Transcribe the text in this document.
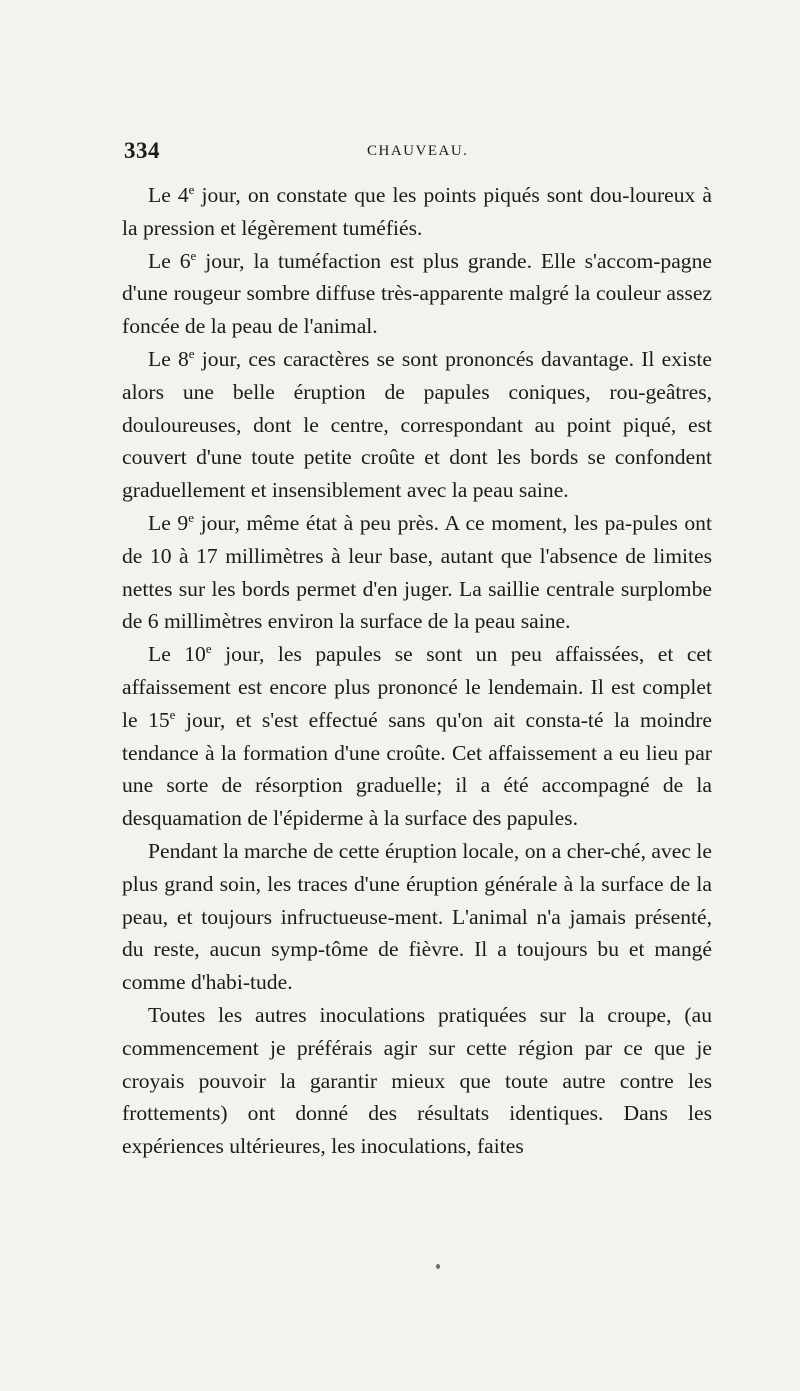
334	CHAUVEAU.

Le 4e jour, on constate que les points piqués sont dou-loureux à la pression et légèrement tuméfiés.

Le 6e jour, la tuméfaction est plus grande. Elle s'accom-pagne d'une rougeur sombre diffuse très-apparente malgré la couleur assez foncée de la peau de l'animal.

Le 8e jour, ces caractères se sont prononcés davantage. Il existe alors une belle éruption de papules coniques, rou-geâtres, douloureuses, dont le centre, correspondant au point piqué, est couvert d'une toute petite croûte et dont les bords se confondent graduellement et insensiblement avec la peau saine.

Le 9e jour, même état à peu près. A ce moment, les pa-pules ont de 10 à 17 millimètres à leur base, autant que l'absence de limites nettes sur les bords permet d'en juger. La saillie centrale surplombe de 6 millimètres environ la surface de la peau saine.

Le 10e jour, les papules se sont un peu affaissées, et cet affaissement est encore plus prononcé le lendemain. Il est complet le 15e jour, et s'est effectué sans qu'on ait consta-té la moindre tendance à la formation d'une croûte. Cet affaissement a eu lieu par une sorte de résorption graduelle; il a été accompagné de la desquamation de l'épiderme à la surface des papules.

Pendant la marche de cette éruption locale, on a cher-ché, avec le plus grand soin, les traces d'une éruption générale à la surface de la peau, et toujours infructueuse-ment. L'animal n'a jamais présenté, du reste, aucun symp-tôme de fièvre. Il a toujours bu et mangé comme d'habi-tude.

Toutes les autres inoculations pratiquées sur la croupe, (au commencement je préférais agir sur cette région par ce que je croyais pouvoir la garantir mieux que toute autre contre les frottements) ont donné des résultats identiques. Dans les expériences ultérieures, les inoculations, faites
